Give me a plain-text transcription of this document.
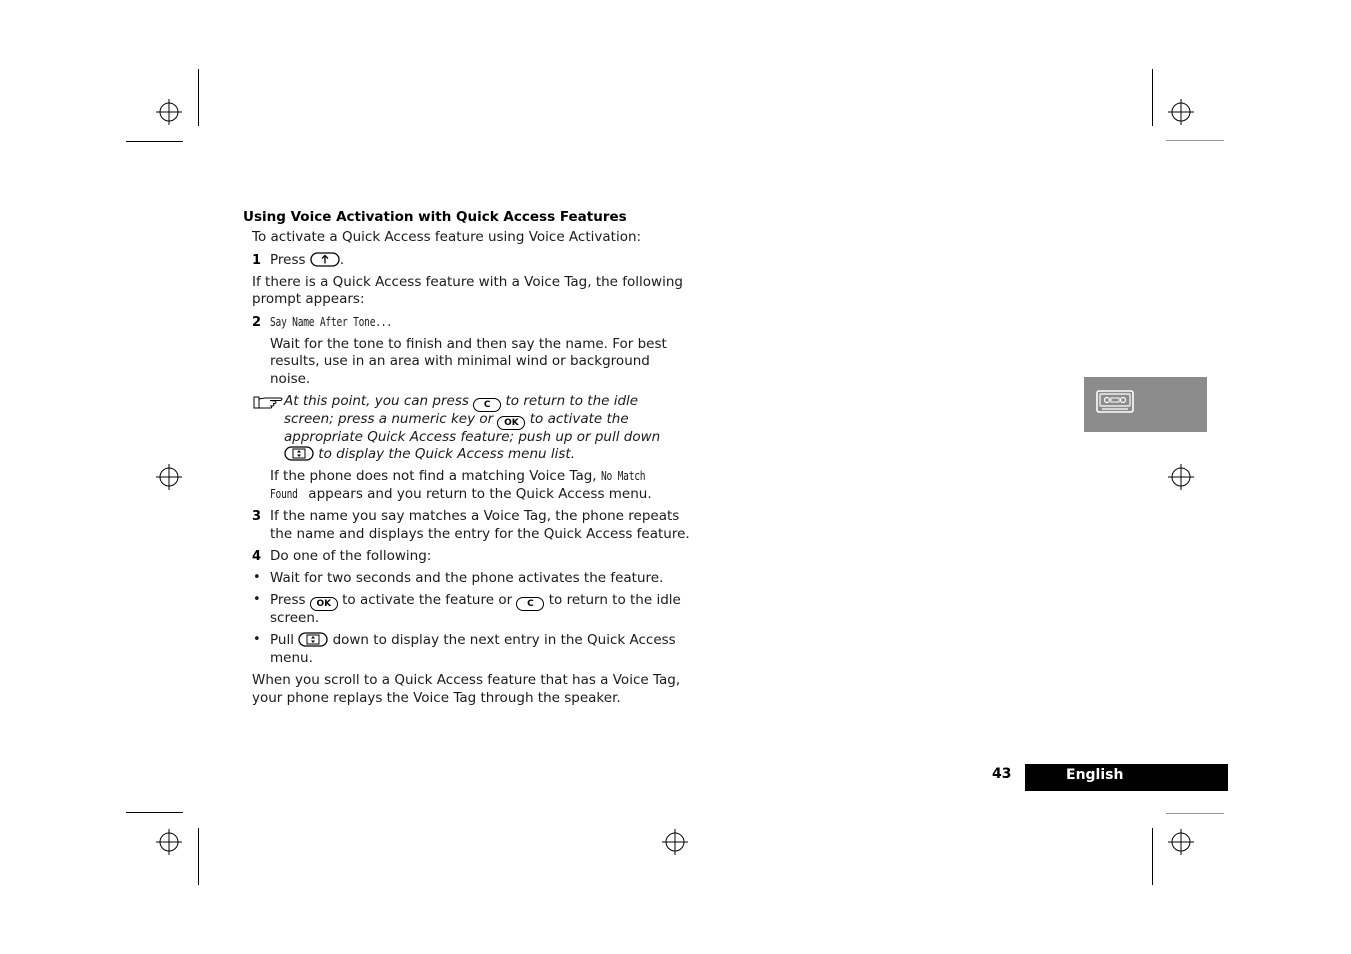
Using Voice Activation with Quick Access Features
To activate a Quick Access feature using Voice Activation:
1 Press	.
If there is a Quick Access feature with a Voice Tag, the following
prompt appears:
2 Say Name After Tone...
Wait for the tone to finish and then say the name. For best
results, use in an area with minimal wind or background
noise.
At this point, you can press C to return to the idle
screen; press a numeric key or OK to activate the
appropriate Quick Access feature; push up or pull down
to display the Quick Access menu list.
If the phone does not find a matching Voice Tag, No Match
Found appears and you return to the Quick Access menu.
3 If the name you say matches a Voice Tag, the phone repeats
the name and displays the entry for the Quick Access feature.
4 Do one of the following:
• Wait for two seconds and the phone activates the feature.
• Press OK to activate the feature or C to return to the idle
screen.
• Pull	down to display the next entry in the Quick Access
menu.
When you scroll to a Quick Access feature that has a Voice Tag,
your phone replays the Voice Tag through the speaker.
43	English
